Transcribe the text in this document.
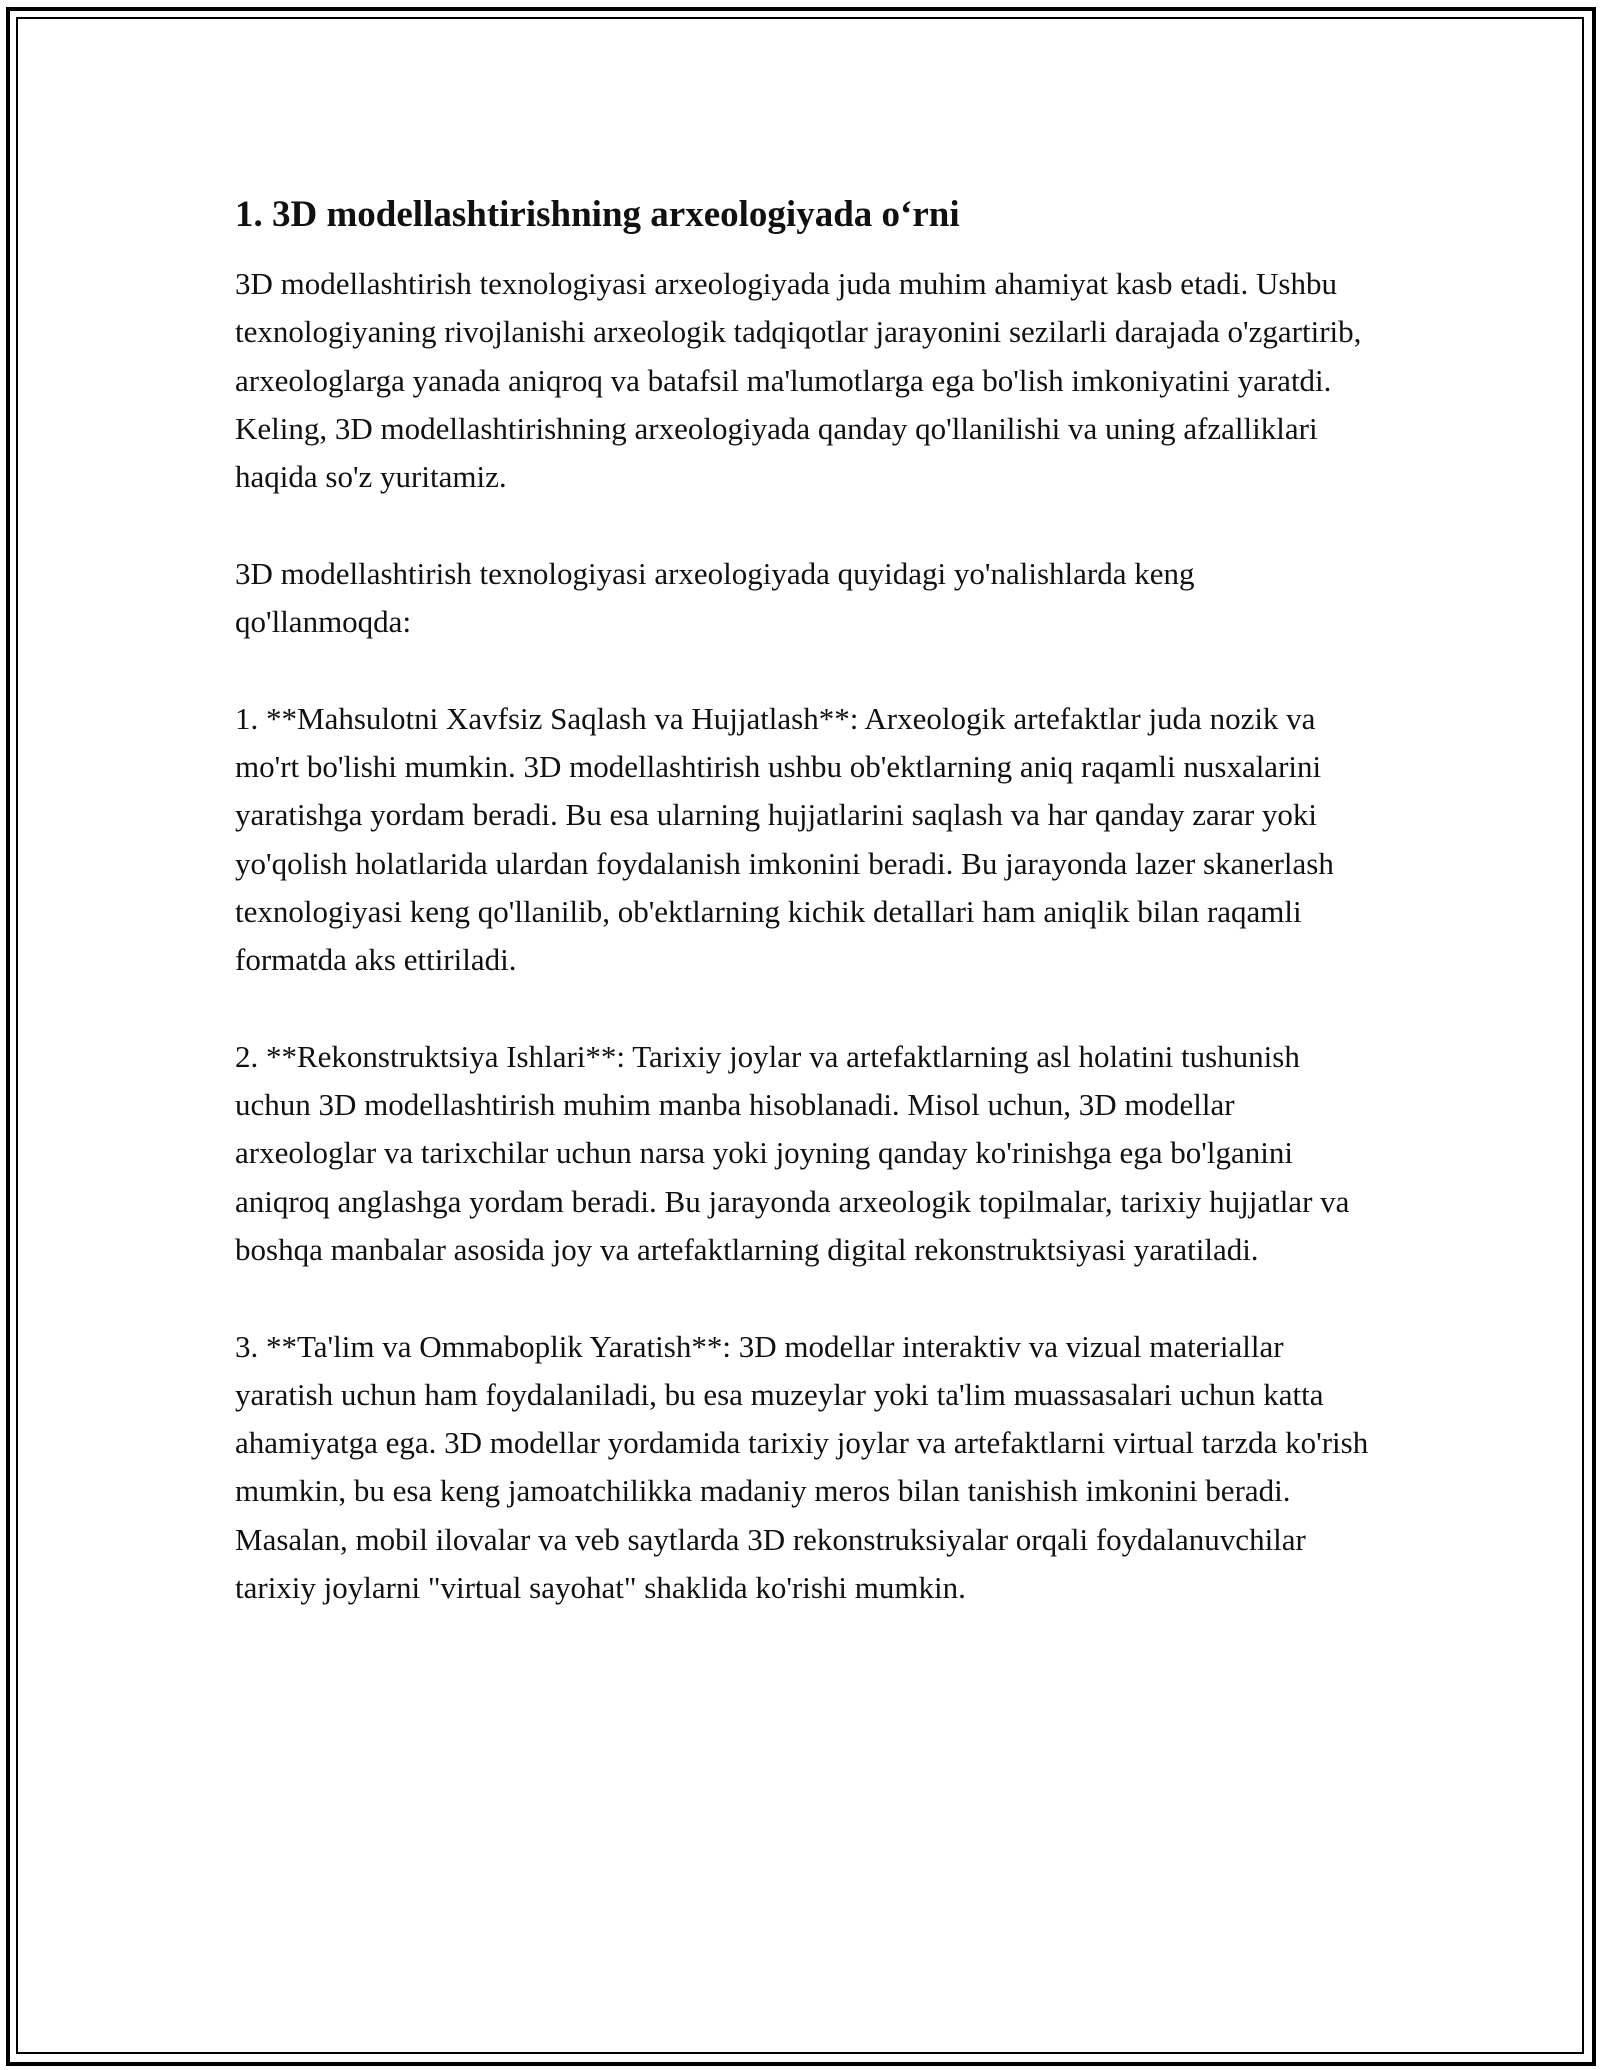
1. 3D modellashtirishning arxeologiyada o‘rni

3D modellashtirish texnologiyasi arxeologiyada juda muhim ahamiyat kasb etadi. Ushbu texnologiyaning rivojlanishi arxeologik tadqiqotlar jarayonini sezilarli darajada o'zgartirib, arxeologlarga yanada aniqroq va batafsil ma'lumotlarga ega bo'lish imkoniyatini yaratdi. Keling, 3D modellashtirishning arxeologiyada qanday qo'llanilishi va uning afzalliklari haqida so'z yuritamiz.

3D modellashtirish texnologiyasi arxeologiyada quyidagi yo'nalishlarda keng qo'llanmoqda:

1. **Mahsulotni Xavfsiz Saqlash va Hujjatlash**: Arxeologik artefaktlar juda nozik va mo'rt bo'lishi mumkin. 3D modellashtirish ushbu ob'ektlarning aniq raqamli nusxalarini yaratishga yordam beradi. Bu esa ularning hujjatlarini saqlash va har qanday zarar yoki yo'qolish holatlarida ulardan foydalanish imkonini beradi. Bu jarayonda lazer skanerlash texnologiyasi keng qo'llanilib, ob'ektlarning kichik detallari ham aniqlik bilan raqamli formatda aks ettiriladi.

2. **Rekonstruktsiya Ishlari**: Tarixiy joylar va artefaktlarning asl holatini tushunish uchun 3D modellashtirish muhim manba hisoblanadi. Misol uchun, 3D modellar arxeologlar va tarixchilar uchun narsa yoki joyning qanday ko'rinishga ega bo'lganini aniqroq anglashga yordam beradi. Bu jarayonda arxeologik topilmalar, tarixiy hujjatlar va boshqa manbalar asosida joy va artefaktlarning digital rekonstruktsiyasi yaratiladi.

3. **Ta'lim va Ommaboplik Yaratish**: 3D modellar interaktiv va vizual materiallar yaratish uchun ham foydalaniladi, bu esa muzeylar yoki ta'lim muassasalari uchun katta ahamiyatga ega. 3D modellar yordamida tarixiy joylar va artefaktlarni virtual tarzda ko'rish mumkin, bu esa keng jamoatchilikka madaniy meros bilan tanishish imkonini beradi. Masalan, mobil ilovalar va veb saytlarda 3D rekonstruksiyalar orqali foydalanuvchilar tarixiy joylarni "virtual sayohat" shaklida ko'rishi mumkin.
